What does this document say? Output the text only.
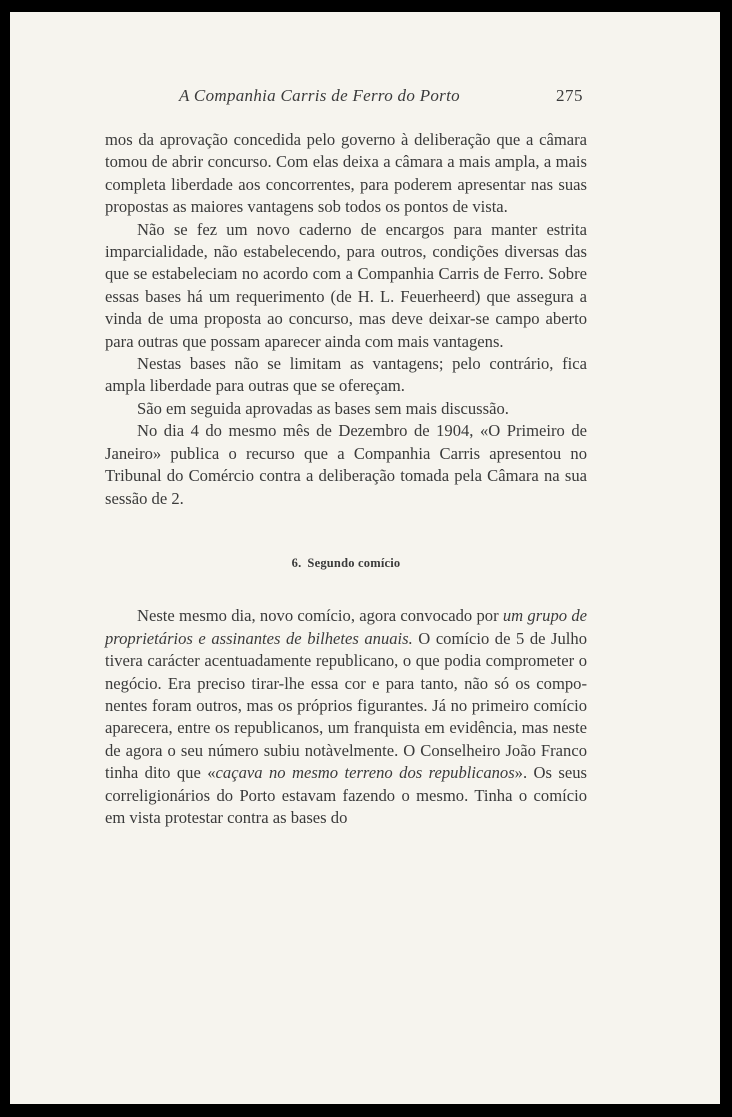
A Companhia Carris de Ferro do Porto	275

mos da aprovação concedida pelo governo à deliberação que a câmara tomou de abrir concurso. Com elas deixa a câmara a mais ampla, a mais completa liberdade aos concorrentes, para poderem apresentar nas suas propostas as maiores vantagens sob todos os pontos de vista.

Não se fez um novo caderno de encargos para manter estrita imparcialidade, não estabelecendo, para outros, condições diversas das que se estabeleciam no acordo com a Companhia Carris de Ferro. Sobre essas bases há um requerimento (de H. L. Feuerheerd) que assegura a vinda de uma proposta ao concurso, mas deve deixar-se campo aberto para outras que possam aparecer ainda com mais vantagens.

Nestas bases não se limitam as vantagens; pelo contrário, fica ampla liberdade para outras que se ofereçam.

São em seguida aprovadas as bases sem mais discussão.

No dia 4 do mesmo mês de Dezembro de 1904, «O Primeiro de Janeiro» publica o recurso que a Companhia Carris apresentou no Tribunal do Comércio contra a deliberação tomada pela Câmara na sua sessão de 2.

6. Segundo comício

Neste mesmo dia, novo comício, agora convocado por um grupo de proprietários e assinantes de bilhetes anuais. O comício de 5 de Julho tivera carácter acentuadamente republicano, o que podia comprometer o negócio. Era preciso tirar-lhe essa cor e para tanto, não só os componentes foram outros, mas os próprios figurantes. Já no primeiro comício aparecera, entre os republicanos, um franquista em evidência, mas neste de agora o seu número subiu notàvelmente. O Conselheiro João Franco tinha dito que «caçava no mesmo terreno dos republicanos». Os seus correligionários do Porto estavam fazendo o mesmo. Tinha o comício em vista protestar contra as bases do
